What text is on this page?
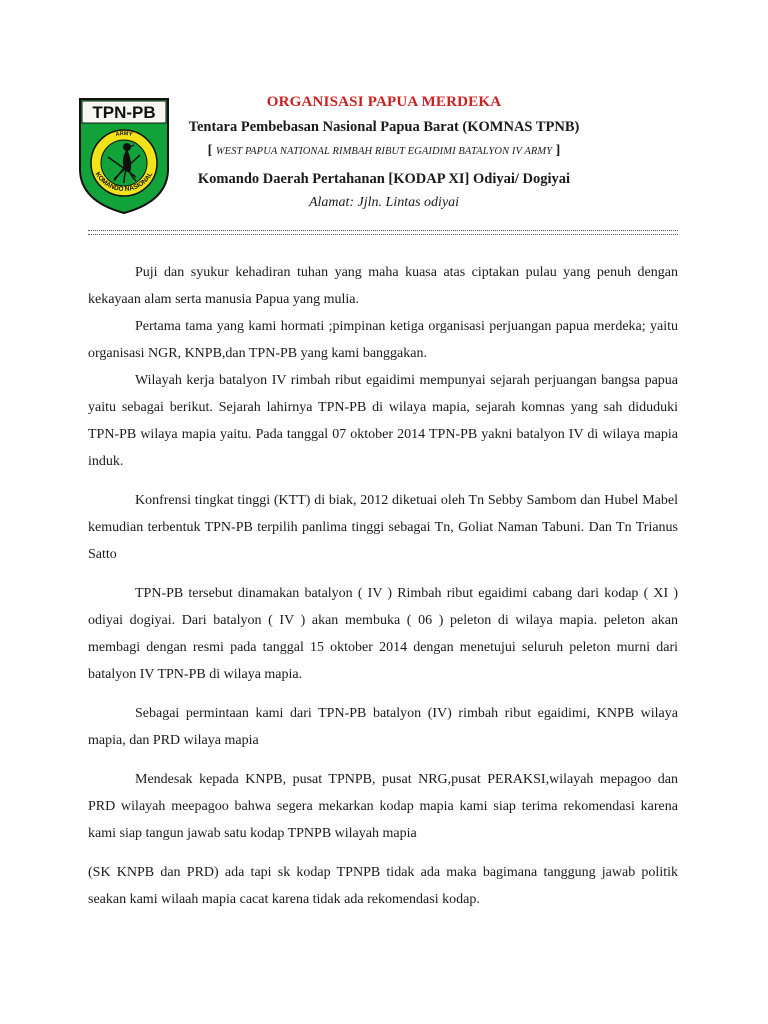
TPN-PB
ARMY
KOMANDO NASIONAL

ORGANISASI PAPUA MERDEKA

Tentara Pembebasan Nasional Papua Barat (KOMNAS TPNB)

[ WEST PAPUA NATIONAL RIMBAH RIBUT EGAIDIMI BATALYON IV ARMY ]

Komando Daerah Pertahanan [KODAP XI] Odiyai/ Dogiyai

Alamat: Jjln. Lintas odiyai

Puji dan syukur kehadiran tuhan yang maha kuasa atas ciptakan pulau yang penuh dengan kekayaan alam serta manusia Papua yang mulia.

Pertama tama yang kami hormati ;pimpinan ketiga organisasi perjuangan papua merdeka; yaitu organisasi NGR, KNPB,dan TPN-PB yang kami banggakan.

Wilayah kerja batalyon IV rimbah ribut egaidimi mempunyai sejarah perjuangan bangsa papua yaitu sebagai berikut. Sejarah lahirnya TPN-PB di wilaya mapia, sejarah komnas yang sah diduduki TPN-PB wilaya mapia yaitu. Pada tanggal 07 oktober 2014 TPN-PB yakni batalyon IV di wilaya mapia induk.

Konfrensi tingkat tinggi (KTT) di biak, 2012 diketuai oleh Tn Sebby Sambom dan Hubel Mabel kemudian terbentuk TPN-PB terpilih panlima tinggi sebagai Tn, Goliat Naman Tabuni. Dan Tn Trianus Satto

TPN-PB tersebut dinamakan batalyon ( IV ) Rimbah ribut egaidimi cabang dari kodap ( XI ) odiyai dogiyai. Dari batalyon ( IV ) akan membuka ( 06 ) peleton di wilaya mapia. peleton akan membagi dengan resmi pada tanggal 15 oktober 2014 dengan menetujui seluruh peleton murni dari batalyon IV TPN-PB di wilaya mapia.

Sebagai permintaan kami dari TPN-PB batalyon (IV) rimbah ribut egaidimi, KNPB wilaya mapia, dan PRD wilaya mapia

Mendesak kepada KNPB, pusat TPNPB, pusat NRG,pusat PERAKSI,wilayah mepagoo dan PRD wilayah meepagoo bahwa segera mekarkan kodap mapia kami siap terima rekomendasi karena kami siap tangun jawab satu kodap TPNPB wilayah mapia

(SK KNPB dan PRD) ada tapi sk kodap TPNPB tidak ada maka bagimana tanggung jawab politik seakan kami wilaah mapia cacat karena tidak ada rekomendasi kodap.
